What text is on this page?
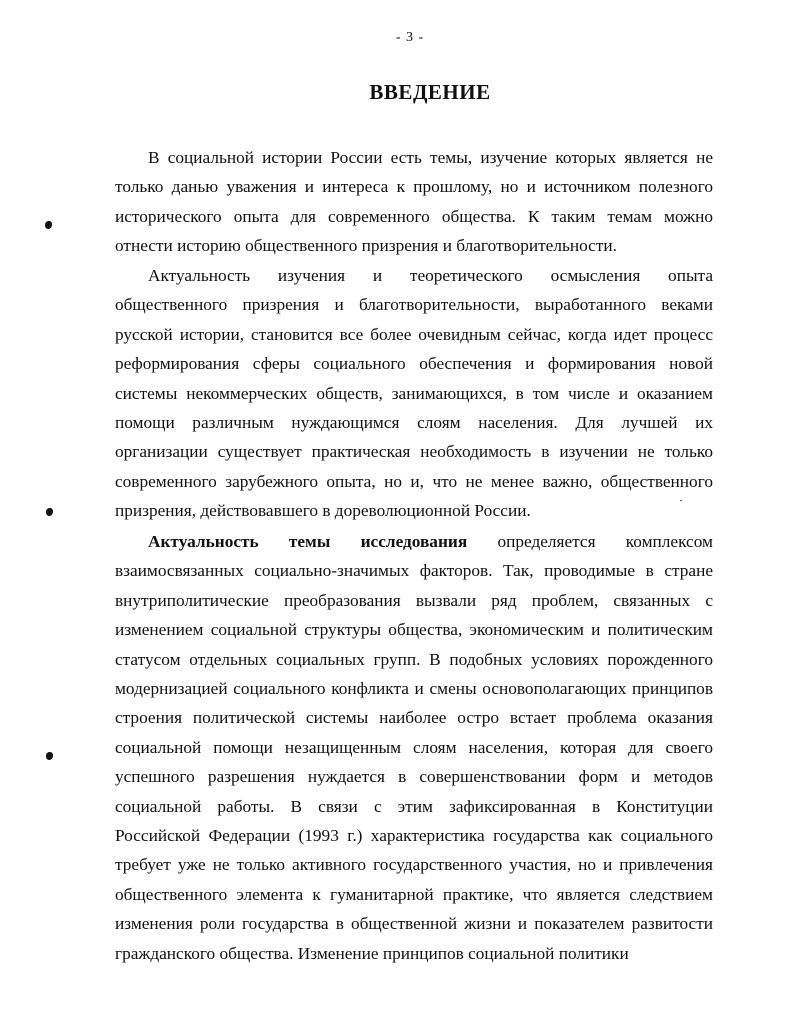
- 3 -
ВВЕДЕНИЕ
В социальной истории России есть темы, изучение которых является не
только данью уважения и интереса к прошлому, но и источником полезного
исторического опыта для современного общества. К таким темам можно
отнести историю общественного призрения и благотворительности.
Актуальность изучения и теоретического осмысления опыта
общественного призрения и благотворительности, выработанного веками
русской истории, становится все более очевидным сейчас, когда идет процесс
реформирования сферы социального обеспечения и формирования новой
системы некоммерческих обществ, занимающихся, в том числе и оказанием
помощи различным нуждающимся слоям населения. Для лучшей их
организации существует практическая необходимость в изучении не только
современного зарубежного опыта, но и, что не менее важно, общественного
призрения, действовавшего в дореволюционной России.
Актуальность темы исследования определяется комплексом
взаимосвязанных социально-значимых факторов. Так, проводимые в стране
внутриполитические преобразования вызвали ряд проблем, связанных с
изменением социальной структуры общества, экономическим и политическим
статусом отдельных социальных групп. В подобных условиях порожденного
модернизацией социального конфликта и смены основополагающих принципов
строения политической системы наиболее остро встает проблема оказания
социальной помощи незащищенным слоям населения, которая для своего
успешного разрешения нуждается в совершенствовании форм и методов
социальной работы. В связи с этим зафиксированная в Конституции
Российской Федерации (1993 г.) характеристика государства как социального
требует уже не только активного государственного участия, но и привлечения
общественного элемента к гуманитарной практике, что является следствием
изменения роли государства в общественной жизни и показателем развитости
гражданского общества. Изменение принципов социальной политики
